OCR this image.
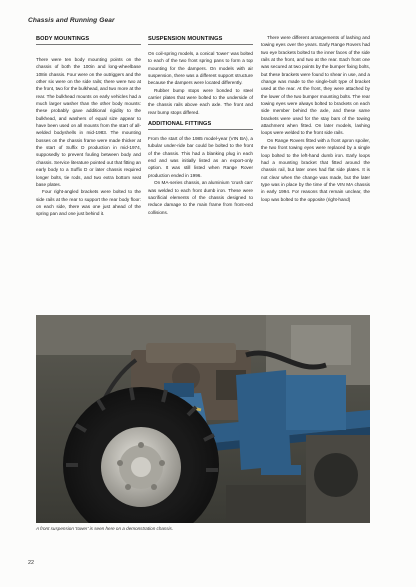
Chassis and Running Gear
BODY MOUNTINGS

There were ten body mounting points on the chassis of both the 100in and long-wheelbase 108in chassis. Four were on the outriggers and the other six were on the side rails; there were two at the front, two for the bulkhead, and two more at the rear. The bulkhead mounts on early vehicles had a much larger washer than the other body mounts: these probably gave additional rigidity to the bulkhead, and washers of equal size appear to have been used on all mounts from the start of all-welded bodyshells in mid-1983. The mounting bosses on the chassis frame were made thicker at the start of Suffix D production in mid-1974, supposedly to prevent fouling between body and chassis. Service literature pointed out that fitting an early body to a Suffix D or later chassis required longer bolts, tie rods, and two extra bottom seat base plates.

Four right-angled brackets were bolted to the side rails at the rear to support the rear body floor: on each side, there was one just ahead of the spring pan and one just behind it.

SUSPENSION MOUNTINGS

On coil-spring models, a conical ‘tower’ was bolted to each of the two front spring pans to form a top mounting for the dampers. On models with air suspension, there was a different support structure because the dampers were located differently.

Rubber bump stops were bonded to steel carrier plates that were bolted to the underside of the chassis rails above each axle. The front and rear bump stops differed.

ADDITIONAL FITTINGS

From the start of the 1985 model-year (VIN BA), a tubular under-ride bar could be bolted to the front of the chassis. This had a blanking plug in each end and was initially listed as an export-only option. It was still listed when Range Rover production ended in 1996.

On MA-series chassis, an aluminium ‘crush can’ was welded to each front dumb iron. These were sacrificial elements of the chassis designed to reduce damage to the main frame from front-end collisions.

There were different arrangements of lashing and towing eyes over the years. Early Range Rovers had two eye brackets bolted to the inner faces of the side rails at the front, and two at the rear. Each front one was secured at two points by the bumper fixing bolts, but these brackets were found to shear in use, and a change was made to the single-bolt type of bracket used at the rear. At the front, they were attached by the lower of the two bumper mounting bolts. The rear towing eyes were always bolted to brackets on each side member behind the axle, and these same brackets were used for the stay bars of the towing attachment when fitted. On later models, lashing loops were welded to the front side rails.

On Range Rovers fitted with a front apron spoiler, the two front towing eyes were replaced by a single loop bolted to the left-hand dumb iron. Early loops had a mounting bracket that fitted around the chassis rail, but later ones had flat side plates. It is not clear when the change was made, but the later type was in place by the time of the VIN MA chassis in early 1994. For reasons that remain unclear, the loop was bolted to the opposite (right-hand)

A front suspension ‘tower’ is seen here on a demonstration chassis.
22
